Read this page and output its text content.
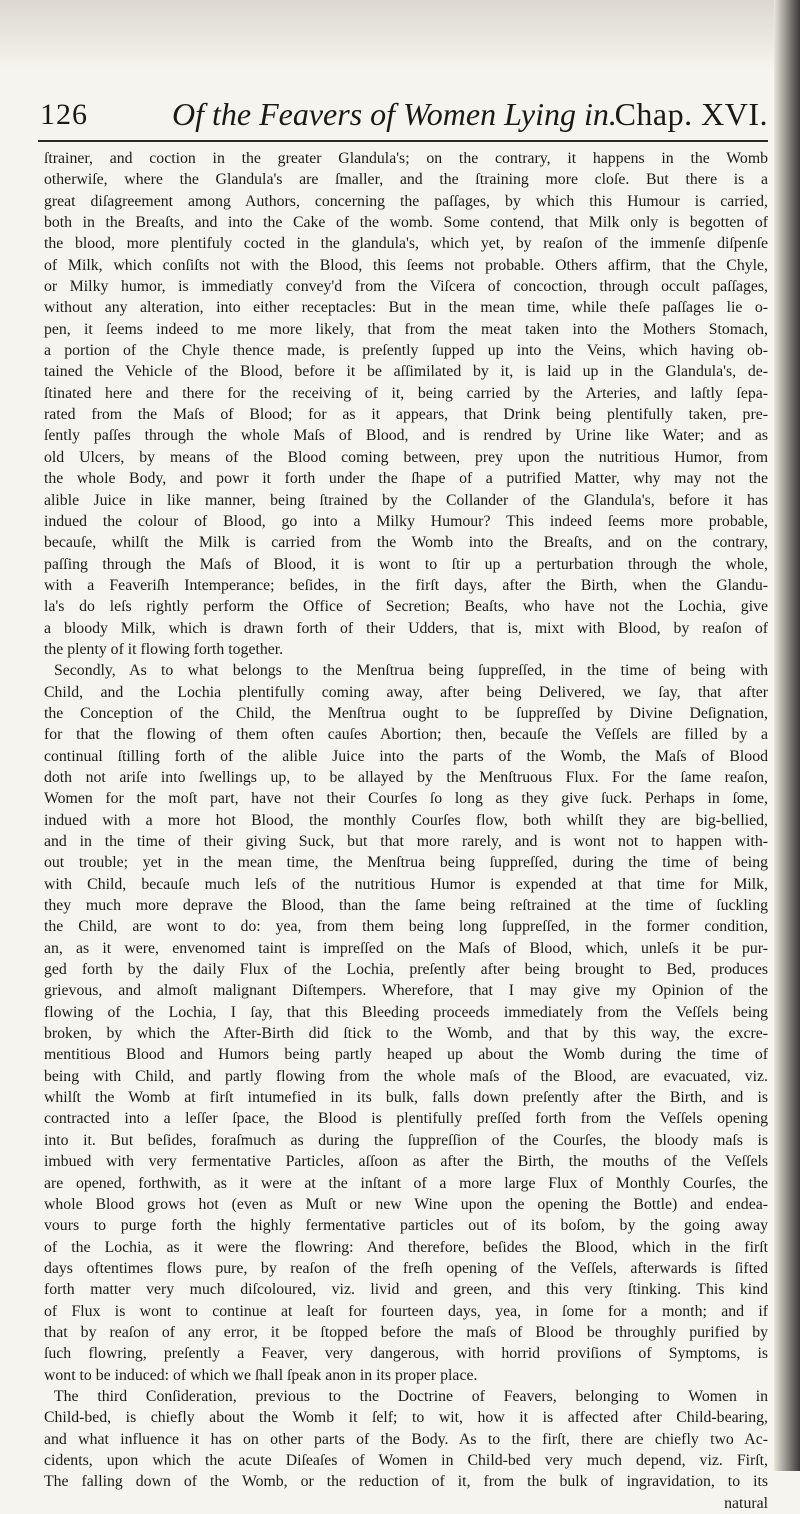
126	Of the Feavers of Women Lying in.
Chap. XVI.
ſtrainer, and coction in the greater Glandula's; on the contrary, it happens in the Womb
otherwiſe, where the Glandula's are ſmaller, and the ſtraining more cloſe. But there is a
great diſagreement among Authors, concerning the paſſages, by which this Humour is carried,
both in the Breaſts, and into the Cake of the womb. Some contend, that Milk only is begotten of
the blood, more plentifuly cocted in the glandula's, which yet, by reaſon of the immenſe diſpenſe
of Milk, which conſiſts not with the Blood, this ſeems not probable. Others affirm, that the Chyle,
or Milky humor, is immediatly convey'd from the Viſcera of concoction, through occult paſſages,
without any alteration, into either receptacles: But in the mean time, while theſe paſſages lie o-
pen, it ſeems indeed to me more likely, that from the meat taken into the Mothers Stomach,
a portion of the Chyle thence made, is preſently ſupped up into the Veins, which having ob-
tained the Vehicle of the Blood, before it be aſſimilated by it, is laid up in the Glandula's, de-
ſtinated here and there for the receiving of it, being carried by the Arteries, and laſtly ſepa-
rated from the Maſs of Blood; for as it appears, that Drink being plentifully taken, pre-
ſently paſſes through the whole Maſs of Blood, and is rendred by Urine like Water; and as
old Ulcers, by means of the Blood coming between, prey upon the nutritious Humor, from
the whole Body, and powr it forth under the ſhape of a putrified Matter, why may not the
alible Juice in like manner, being ſtrained by the Collander of the Glandula's, before it has
indued the colour of Blood, go into a Milky Humour? This indeed ſeems more probable,
becauſe, whilſt the Milk is carried from the Womb into the Breaſts, and on the contrary,
paſſing through the Maſs of Blood, it is wont to ſtir up a perturbation through the whole,
with a Feaveriſh Intemperance; beſides, in the firſt days, after the Birth, when the Glandu-
la's do leſs rightly perform the Office of Secretion; Beaſts, who have not the Lochia, give
a bloody Milk, which is drawn forth of their Udders, that is, mixt with Blood, by reaſon of
the plenty of it flowing forth together.
Secondly, As to what belongs to the Menſtrua being ſuppreſſed, in the time of being with
Child, and the Lochia plentifully coming away, after being Delivered, we ſay, that after
the Conception of the Child, the Menſtrua ought to be ſuppreſſed by Divine Deſignation,
for that the flowing of them often cauſes Abortion; then, becauſe the Veſſels are filled by a
continual ſtilling forth of the alible Juice into the parts of the Womb, the Maſs of Blood
doth not ariſe into ſwellings up, to be allayed by the Menſtruous Flux. For the ſame reaſon,
Women for the moſt part, have not their Courſes ſo long as they give ſuck. Perhaps in ſome,
indued with a more hot Blood, the monthly Courſes flow, both whilſt they are big-bellied,
and in the time of their giving Suck, but that more rarely, and is wont not to happen with-
out trouble; yet in the mean time, the Menſtrua being ſuppreſſed, during the time of being
with Child, becauſe much leſs of the nutritious Humor is expended at that time for Milk,
they much more deprave the Blood, than the ſame being reſtrained at the time of ſuckling
the Child, are wont to do: yea, from them being long ſuppreſſed, in the former condition,
an, as it were, envenomed taint is impreſſed on the Maſs of Blood, which, unleſs it be pur-
ged forth by the daily Flux of the Lochia, preſently after being brought to Bed, produces
grievous, and almoſt malignant Diſtempers. Wherefore, that I may give my Opinion of the
flowing of the Lochia, I ſay, that this Bleeding proceeds immediately from the Veſſels being
broken, by which the After-Birth did ſtick to the Womb, and that by this way, the excre-
mentitious Blood and Humors being partly heaped up about the Womb during the time of
being with Child, and partly flowing from the whole maſs of the Blood, are evacuated, viz.
whilſt the Womb at firſt intumefied in its bulk, falls down preſently after the Birth, and is
contracted into a leſſer ſpace, the Blood is plentifully preſſed forth from the Veſſels opening
into it. But beſides, foraſmuch as during the ſuppreſſion of the Courſes, the bloody maſs is
imbued with very fermentative Particles, aſſoon as after the Birth, the mouths of the Veſſels
are opened, forthwith, as it were at the inſtant of a more large Flux of Monthly Courſes, the
whole Blood grows hot (even as Muſt or new Wine upon the opening the Bottle) and endea-
vours to purge forth the highly fermentative particles out of its boſom, by the going away
of the Lochia, as it were the flowring: And therefore, beſides the Blood, which in the firſt
days oftentimes flows pure, by reaſon of the freſh opening of the Veſſels, afterwards is ſifted
forth matter very much diſcoloured, viz. livid and green, and this very ſtinking. This kind
of Flux is wont to continue at leaſt for fourteen days, yea, in ſome for a month; and if
that by reaſon of any error, it be ſtopped before the maſs of Blood be throughly purified by
ſuch flowring, preſently a Feaver, very dangerous, with horrid proviſions of Symptoms, is
wont to be induced: of which we ſhall ſpeak anon in its proper place.
The third Conſideration, previous to the Doctrine of Feavers, belonging to Women in
Child-bed, is chiefly about the Womb it ſelf; to wit, how it is affected after Child-bearing,
and what influence it has on other parts of the Body. As to the firſt, there are chiefly two Ac-
cidents, upon which the acute Diſeaſes of Women in Child-bed very much depend, viz. Firſt,
The falling down of the Womb, or the reduction of it, from the bulk of ingravidation, to its
natural
